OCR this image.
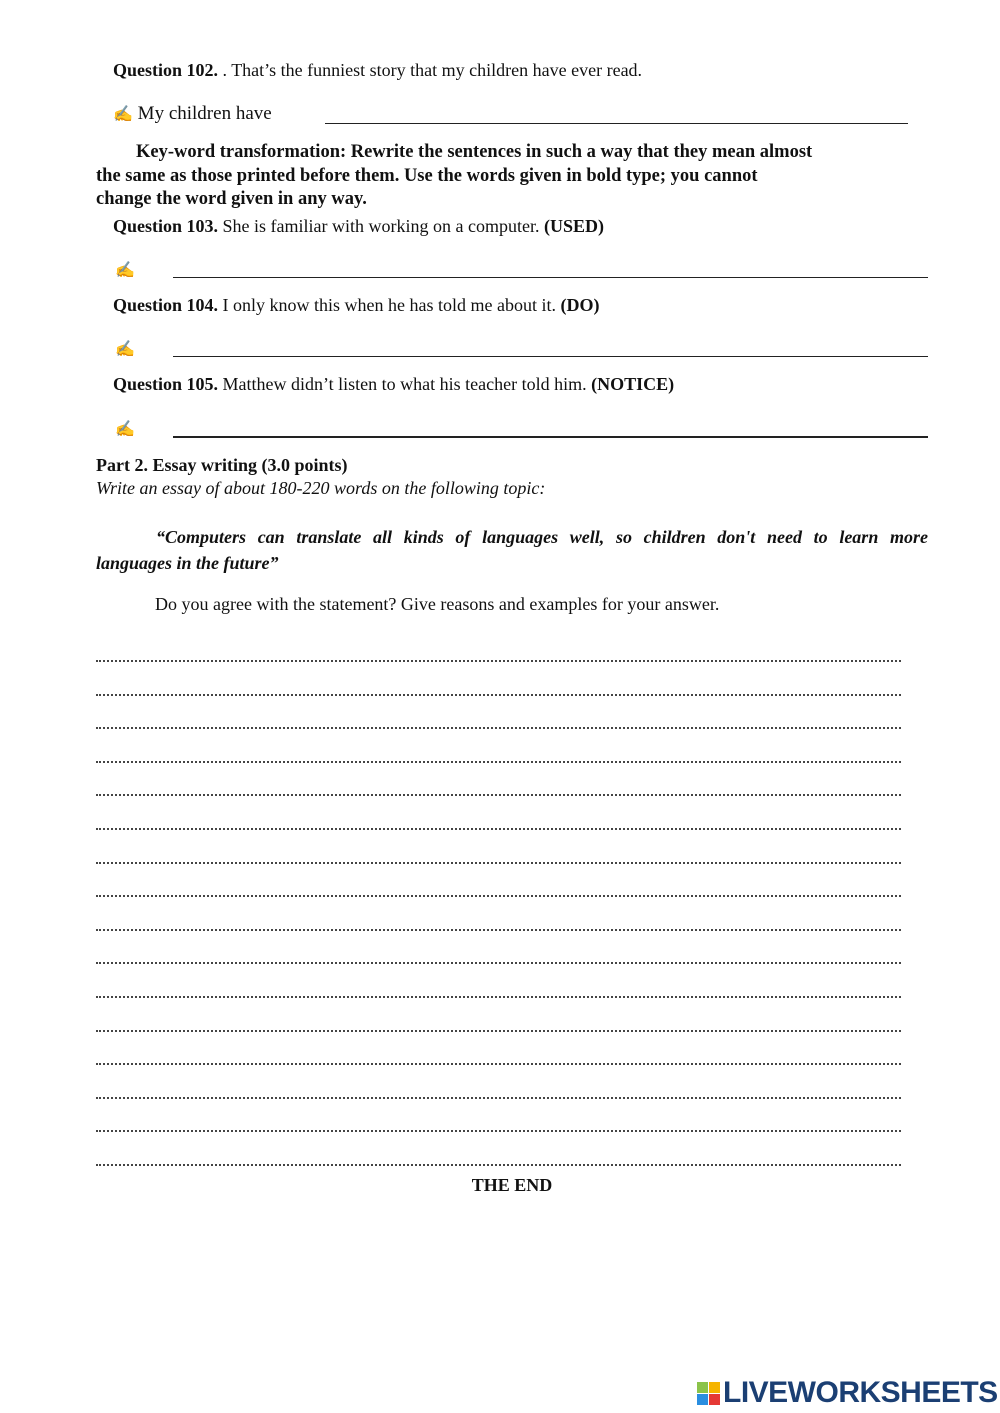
Question 102. . That’s the funniest story that my children have ever read.
✍ My children have
Key-word transformation: Rewrite the sentences in such a way that they mean almost
the same as those printed before them. Use the words given in bold type; you cannot
change the word given in any way.
Question 103. She is familiar with working on a computer. (USED)
✍
Question 104. I only know this when he has told me about it. (DO)
✍
Question 105. Matthew didn’t listen to what his teacher told him. (NOTICE)
✍
Part 2. Essay writing (3.0 points)
Write an essay of about 180-220 words on the following topic:
“Computers can translate all kinds of languages well, so children don't need to learn more
languages in the future”
Do you agree with the statement? Give reasons and examples for your answer.
THE END
LIVEWORKSHEETS
